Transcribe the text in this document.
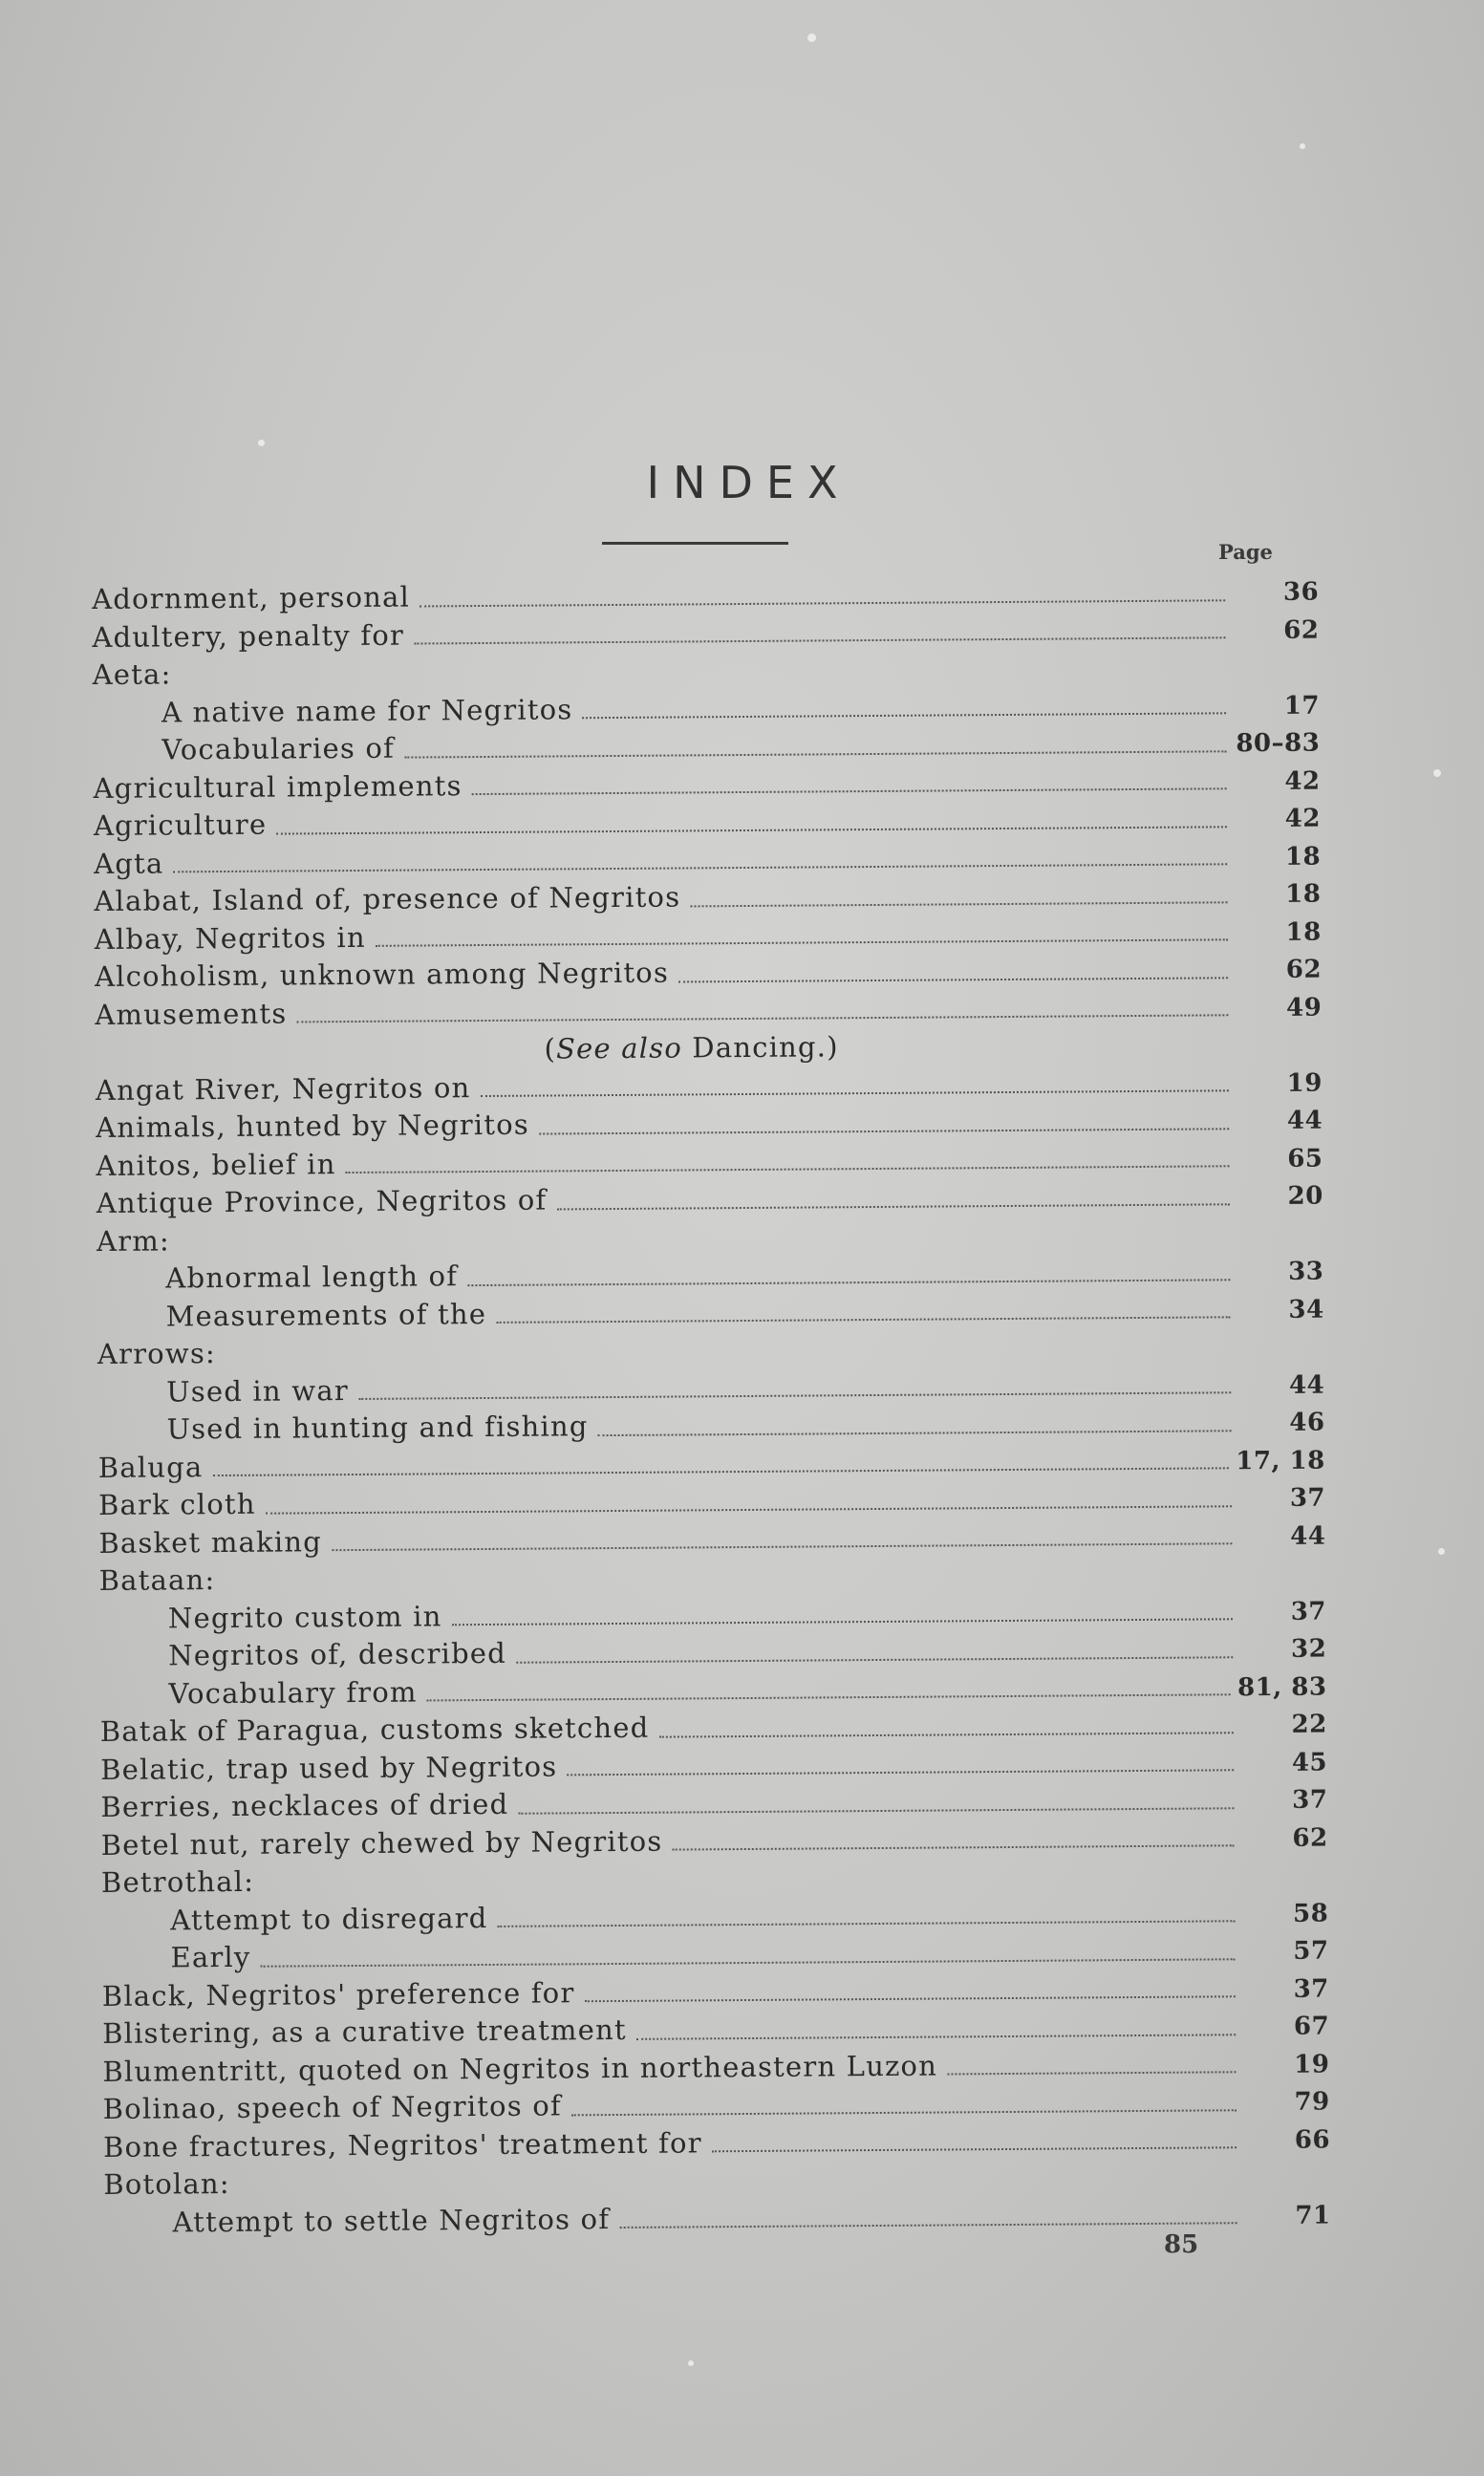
INDEX
Page
Adornment, personal	36
Adultery, penalty for	62
Aeta:
A native name for Negritos	17
Vocabularies of	80–83
Agricultural implements	42
Agriculture	42
Agta	18
Alabat, Island of, presence of Negritos	18
Albay, Negritos in	18
Alcoholism, unknown among Negritos	62
Amusements	49
( See also Dancing.)
Angat River, Negritos on	19
Animals, hunted by Negritos	44
Anitos, belief in	65
Antique Province, Negritos of	20
Arm:
Abnormal length of	33
Measurements of the	34
Arrows:
Used in war	44
Used in hunting and fishing	46
Baluga	17, 18
Bark cloth	37
Basket making	44
Bataan:
Negrito custom in	37
Negritos of, described	32
Vocabulary from	81, 83
Batak of Paragua, customs sketched	22
Belatic, trap used by Negritos	45
Berries, necklaces of dried	37
Betel nut, rarely chewed by Negritos	62
Betrothal:
Attempt to disregard	58
Early	57
Black, Negritos' preference for	37
Blistering, as a curative treatment	67
Blumentritt, quoted on Negritos in northeastern Luzon	19
Bolinao, speech of Negritos of	79
Bone fractures, Negritos' treatment for	66
Botolan:
Attempt to settle Negritos of	71
85
